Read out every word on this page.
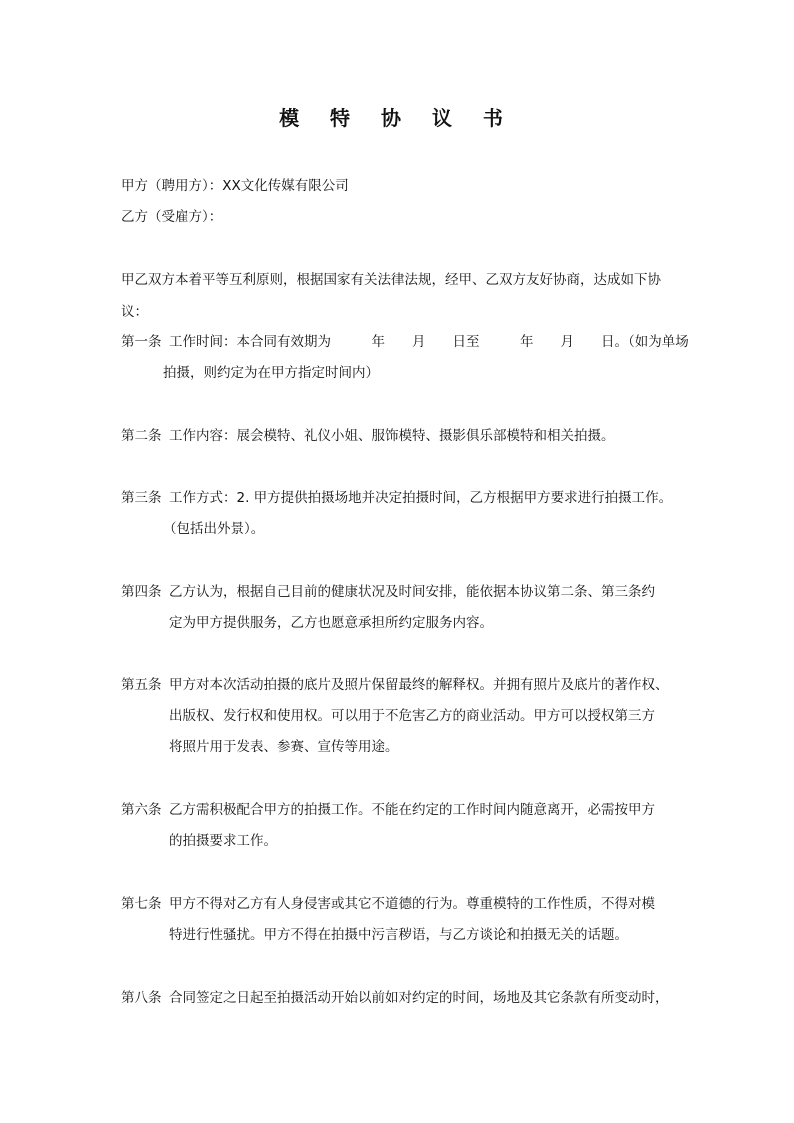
模 特 协 议 书
甲方（聘用方）：XX文化传媒有限公司
乙方（受雇方）：
甲乙双方本着平等互利原则，根据国家有关法律法规，经甲、乙双方友好协商，达成如下协
议：
第一条 工作时间：本合同有效期为　　　年　　月　　日至　　　年　　月　　日。（如为单场
拍摄，则约定为在甲方指定时间内）
第二条 工作内容：展会模特、礼仪小姐、服饰模特、摄影俱乐部模特和相关拍摄。
第三条 工作方式：2. 甲方提供拍摄场地并决定拍摄时间，乙方根据甲方要求进行拍摄工作。
（包括出外景）。
第四条 乙方认为，根据自己目前的健康状况及时间安排，能依据本协议第二条、第三条约
定为甲方提供服务，乙方也愿意承担所约定服务内容。
第五条 甲方对本次活动拍摄的底片及照片保留最终的解释权。并拥有照片及底片的著作权、
出版权、发行权和使用权。可以用于不危害乙方的商业活动。甲方可以授权第三方
将照片用于发表、参赛、宣传等用途。
第六条 乙方需积极配合甲方的拍摄工作。不能在约定的工作时间内随意离开，必需按甲方
的拍摄要求工作。
第七条 甲方不得对乙方有人身侵害或其它不道德的行为。尊重模特的工作性质，不得对模
特进行性骚扰。甲方不得在拍摄中污言秽语，与乙方谈论和拍摄无关的话题。
第八条 合同签定之日起至拍摄活动开始以前如对约定的时间，场地及其它条款有所变动时，
